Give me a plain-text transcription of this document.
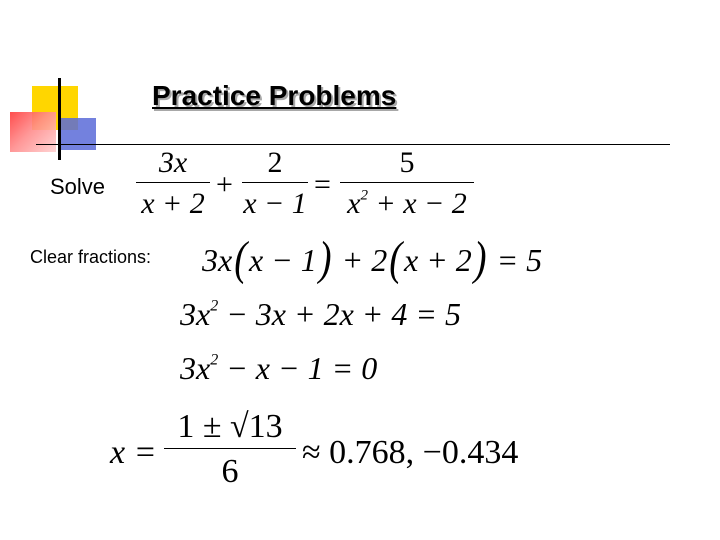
Practice Problems
Solve
3x
x + 2
+
2
x − 1
=
5
$x^2 + x - 2$
Clear fractions: 3x(x − 1) + 2(x + 2) = 5
$3x^2 - 3x + 2x + 4 = 5$
$3x^2 - x - 1 = 0$
x =
1 ± √13
6
≈ 0.768, −0.434
